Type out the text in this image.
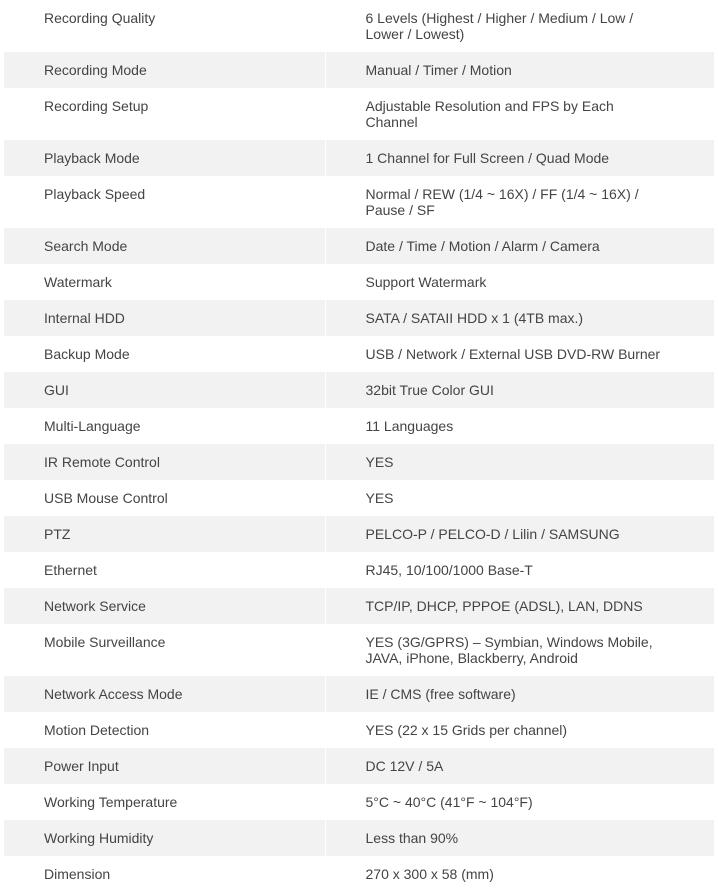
Recording Quality	6 Levels (Highest / Higher / Medium / Low / Lower / Lowest)
Recording Mode	Manual / Timer / Motion
Recording Setup	Adjustable Resolution and FPS by Each Channel
Playback Mode	1 Channel for Full Screen / Quad Mode
Playback Speed	Normal / REW (1/4 ~ 16X) / FF (1/4 ~ 16X) / Pause / SF
Search Mode	Date / Time / Motion / Alarm / Camera
Watermark	Support Watermark
Internal HDD	SATA / SATAII HDD x 1 (4TB max.)
Backup Mode	USB / Network / External USB DVD-RW Burner
GUI	32bit True Color GUI
Multi-Language	11 Languages
IR Remote Control	YES
USB Mouse Control	YES
PTZ	PELCO-P / PELCO-D / Lilin / SAMSUNG
Ethernet	RJ45, 10/100/1000 Base-T
Network Service	TCP/IP, DHCP, PPPOE (ADSL), LAN, DDNS
Mobile Surveillance	YES (3G/GPRS) – Symbian, Windows Mobile, JAVA, iPhone, Blackberry, Android
Network Access Mode	IE / CMS (free software)
Motion Detection	YES (22 x 15 Grids per channel)
Power Input	DC 12V / 5A
Working Temperature	5°C ~ 40°C (41°F ~ 104°F)
Working Humidity	Less than 90%
Dimension	270 x 300 x 58 (mm)
